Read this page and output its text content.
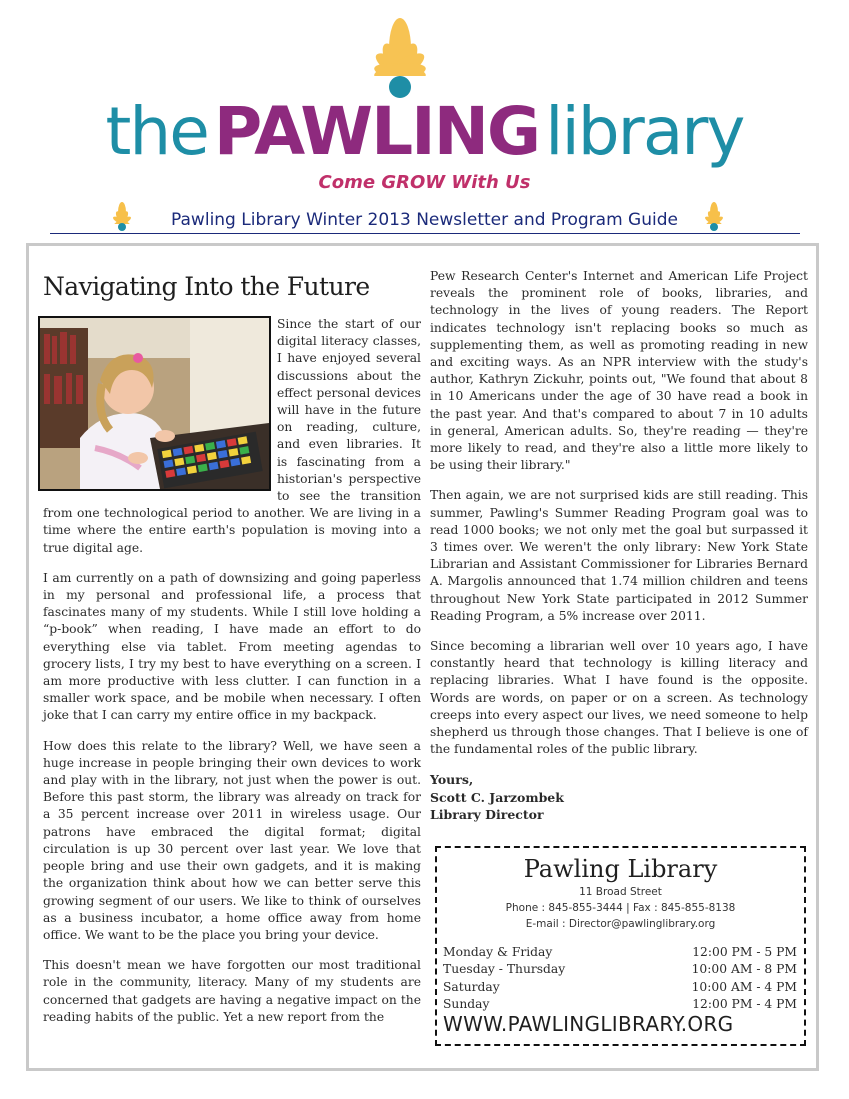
thePAWLINGlibrary
Come GROW With Us
Pawling Library Winter 2013 Newsletter and Program Guide
Navigating Into the Future

Since the start of our digital literacy classes, I have enjoyed several discussions about the effect personal devices will have in the future on reading, culture, and even libraries. It is fascinating from a historian's perspective to see the transition from one technological period to another. We are living in a time where the entire earth's population is moving into a true digital age.

I am currently on a path of downsizing and going paperless in my personal and professional life, a process that fascinates many of my students. While I still love holding a “p-book” when reading, I have made an effort to do everything else via tablet. From meeting agendas to grocery lists, I try my best to have everything on a screen. I am more productive with less clutter. I can function in a smaller work space, and be mobile when necessary. I often joke that I can carry my entire office in my backpack.

How does this relate to the library? Well, we have seen a huge increase in people bringing their own devices to work and play with in the library, not just when the power is out. Before this past storm, the library was already on track for a 35 percent increase over 2011 in wireless usage. Our patrons have embraced the digital format; digital circulation is up 30 percent over last year. We love that people bring and use their own gadgets, and it is making the organization think about how we can better serve this growing segment of our users. We like to think of ourselves as a business incubator, a home office away from home office. We want to be the place you bring your device.

This doesn't mean we have forgotten our most traditional role in the community, literacy. Many of my students are concerned that gadgets are having a negative impact on the reading habits of the public. Yet a new report from the

Pew Research Center's Internet and American Life Project reveals the prominent role of books, libraries, and technology in the lives of young readers. The Report indicates technology isn't replacing books so much as supplementing them, as well as promoting reading in new and exciting ways. As an NPR interview with the study's author, Kathryn Zickuhr, points out, "We found that about 8 in 10 Americans under the age of 30 have read a book in the past year. And that's compared to about 7 in 10 adults in general, American adults. So, they're reading — they're more likely to read, and they're also a little more likely to be using their library."

Then again, we are not surprised kids are still reading. This summer, Pawling's Summer Reading Program goal was to read 1000 books; we not only met the goal but surpassed it 3 times over. We weren't the only library: New York State Librarian and Assistant Commissioner for Libraries Bernard A. Margolis announced that 1.74 million children and teens throughout New York State participated in 2012 Summer Reading Program, a 5% increase over 2011.

Since becoming a librarian well over 10 years ago, I have constantly heard that technology is killing literacy and replacing libraries. What I have found is the opposite. Words are words, on paper or on a screen. As technology creeps into every aspect our lives, we need someone to help shepherd us through those changes. That I believe is one of the fundamental roles of the public library.

Yours,
Scott C. Jarzombek
Library Director
Pawling Library
11 Broad Street
Phone : 845-855-3444 | Fax : 845-855-8138
E-mail : Director@pawlinglibrary.org
Monday & Friday	12:00 PM - 5 PM
Tuesday - Thursday	10:00 AM - 8 PM
Saturday	10:00 AM - 4 PM
Sunday	12:00 PM - 4 PM
WWW.PAWLINGLIBRARY.ORG
